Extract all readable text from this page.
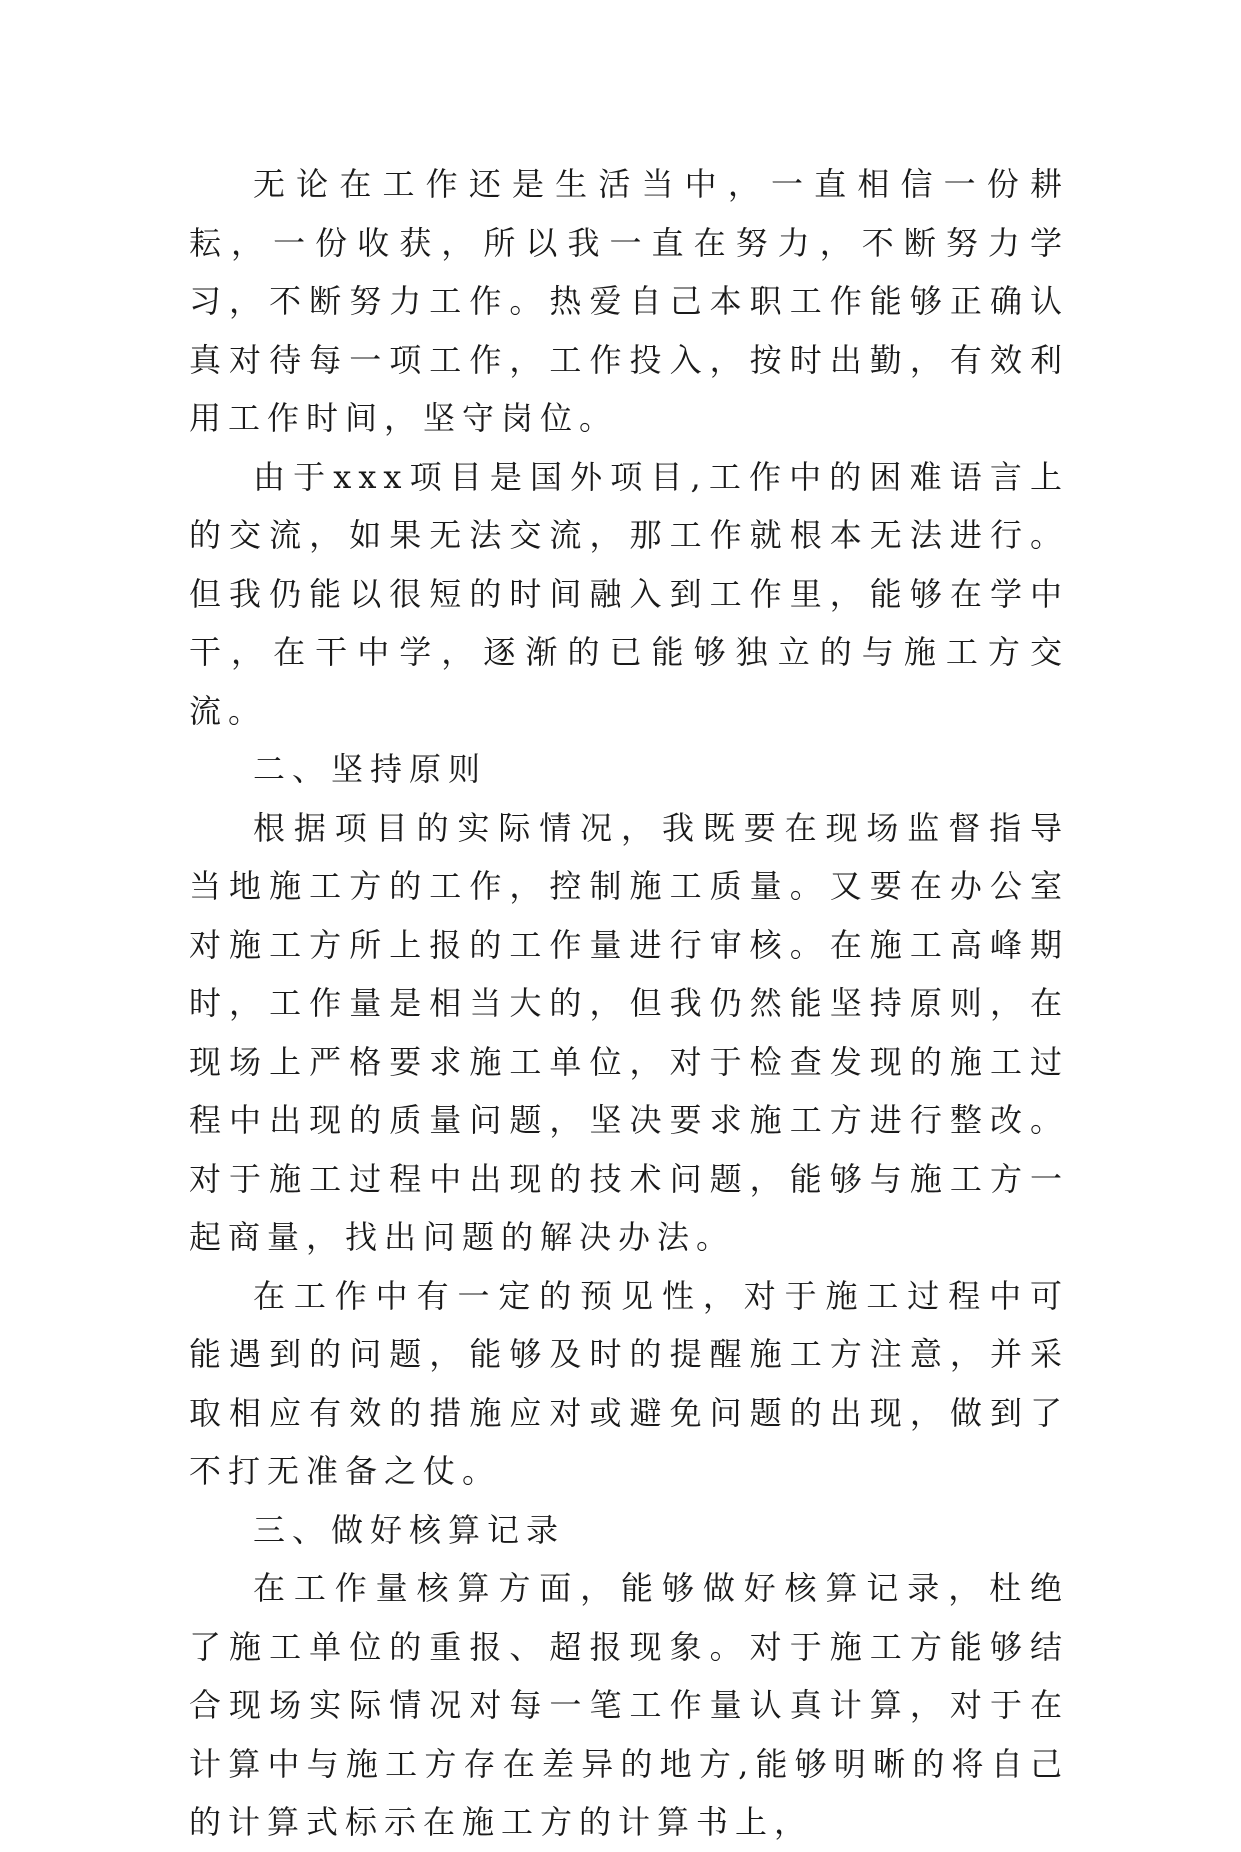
无论在工作还是生活当中，一直相信一份耕耘，一份收获，所以我一直在努力，不断努力学习，不断努力工作。热爱自己本职工作能够正确认真对待每一项工作，工作投入，按时出勤，有效利用工作时间，坚守岗位。

由于xxx项目是国外项目,工作中的困难语言上的交流，如果无法交流，那工作就根本无法进行。但我仍能以很短的时间融入到工作里，能够在学中干，在干中学，逐渐的已能够独立的与施工方交流。

二、坚持原则

根据项目的实际情况，我既要在现场监督指导当地施工方的工作，控制施工质量。又要在办公室对施工方所上报的工作量进行审核。在施工高峰期时，工作量是相当大的，但我仍然能坚持原则，在现场上严格要求施工单位，对于检查发现的施工过程中出现的质量问题，坚决要求施工方进行整改。对于施工过程中出现的技术问题，能够与施工方一起商量，找出问题的解决办法。

在工作中有一定的预见性，对于施工过程中可能遇到的问题，能够及时的提醒施工方注意，并采取相应有效的措施应对或避免问题的出现，做到了不打无准备之仗。

三、做好核算记录

在工作量核算方面，能够做好核算记录，杜绝了施工单位的重报、超报现象。对于施工方能够结合现场实际情况对每一笔工作量认真计算，对于在计算中与施工方存在差异的地方,能够明晰的将自己的计算式标示在施工方的计算书上，
